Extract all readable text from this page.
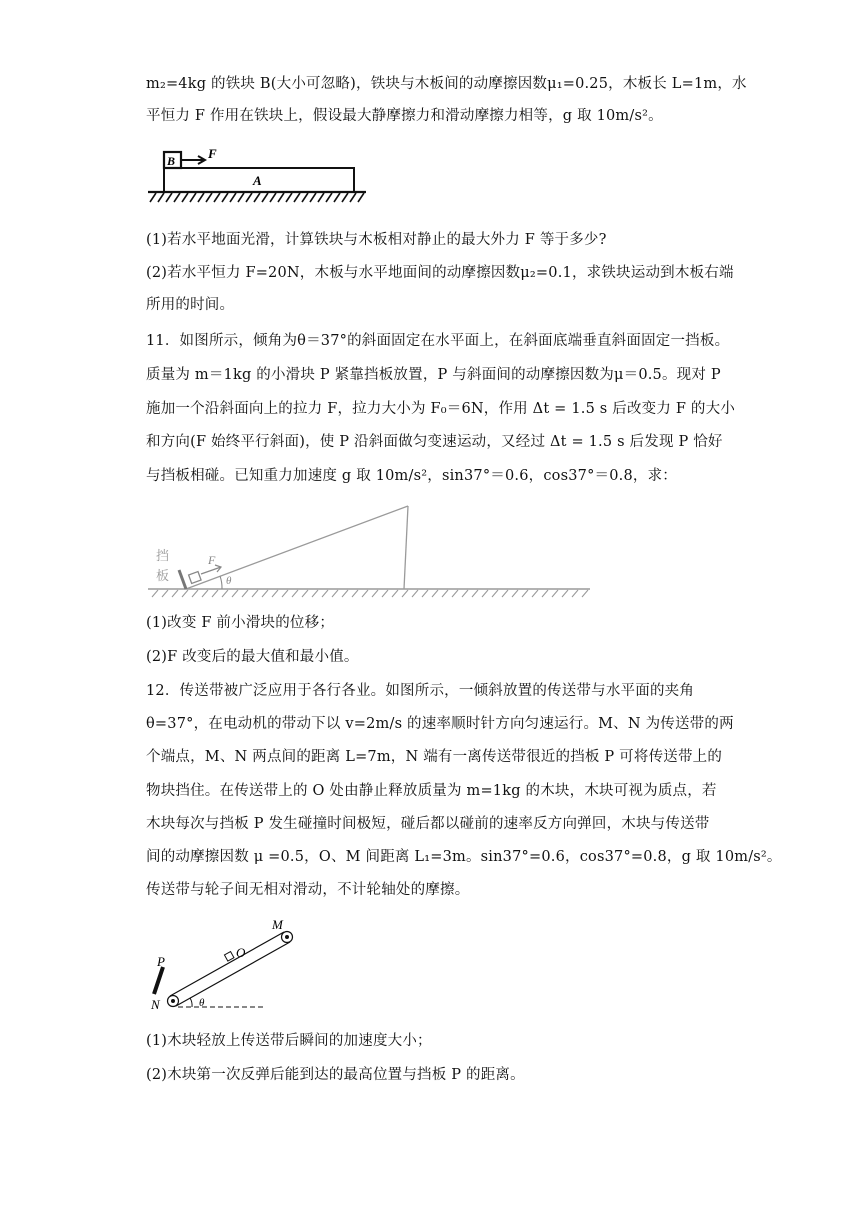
m₂=4kg 的铁块 B(大小可忽略)，铁块与木板间的动摩擦因数μ₁=0.25，木板长 L=1m，水
平恒力 F 作用在铁块上，假设最大静摩擦力和滑动摩擦力相等，g 取 10m/s²。
B	F
A
(1)若水平地面光滑，计算铁块与木板相对静止的最大外力 F 等于多少?
(2)若水平恒力 F=20N，木板与水平地面间的动摩擦因数μ₂=0.1，求铁块运动到木板右端
所用的时间。
11．如图所示，倾角为θ＝37°的斜面固定在水平面上，在斜面底端垂直斜面固定一挡板。
质量为 m＝1kg 的小滑块 P 紧靠挡板放置，P 与斜面间的动摩擦因数为μ＝0.5。现对 P
施加一个沿斜面向上的拉力 F，拉力大小为 F₀＝6N，作用 Δt = 1.5 s 后改变力 F 的大小
和方向(F 始终平行斜面)，使 P 沿斜面做匀变速运动，又经过 Δt = 1.5 s 后发现 P 恰好
与挡板相碰。已知重力加速度 g 取 10m/s²，sin37°＝0.6，cos37°＝0.8，求：
挡
板
F
θ
(1)改变 F 前小滑块的位移；
(2)F 改变后的最大值和最小值。
12．传送带被广泛应用于各行各业。如图所示，一倾斜放置的传送带与水平面的夹角
θ=37°，在电动机的带动下以 v=2m/s 的速率顺时针方向匀速运行。M、N 为传送带的两
个端点，M、N 两点间的距离 L=7m，N 端有一离传送带很近的挡板 P 可将传送带上的
物块挡住。在传送带上的 O 处由静止释放质量为 m=1kg 的木块，木块可视为质点，若
木块每次与挡板 P 发生碰撞时间极短，碰后都以碰前的速率反方向弹回，木块与传送带
间的动摩擦因数 μ =0.5，O、M 间距离 L₁=3m。sin37°=0.6，cos37°=0.8，g 取 10m/s²。
传送带与轮子间无相对滑动，不计轮轴处的摩擦。
P
O
M
N	θ
(1)木块轻放上传送带后瞬间的加速度大小；
(2)木块第一次反弹后能到达的最高位置与挡板 P 的距离。
